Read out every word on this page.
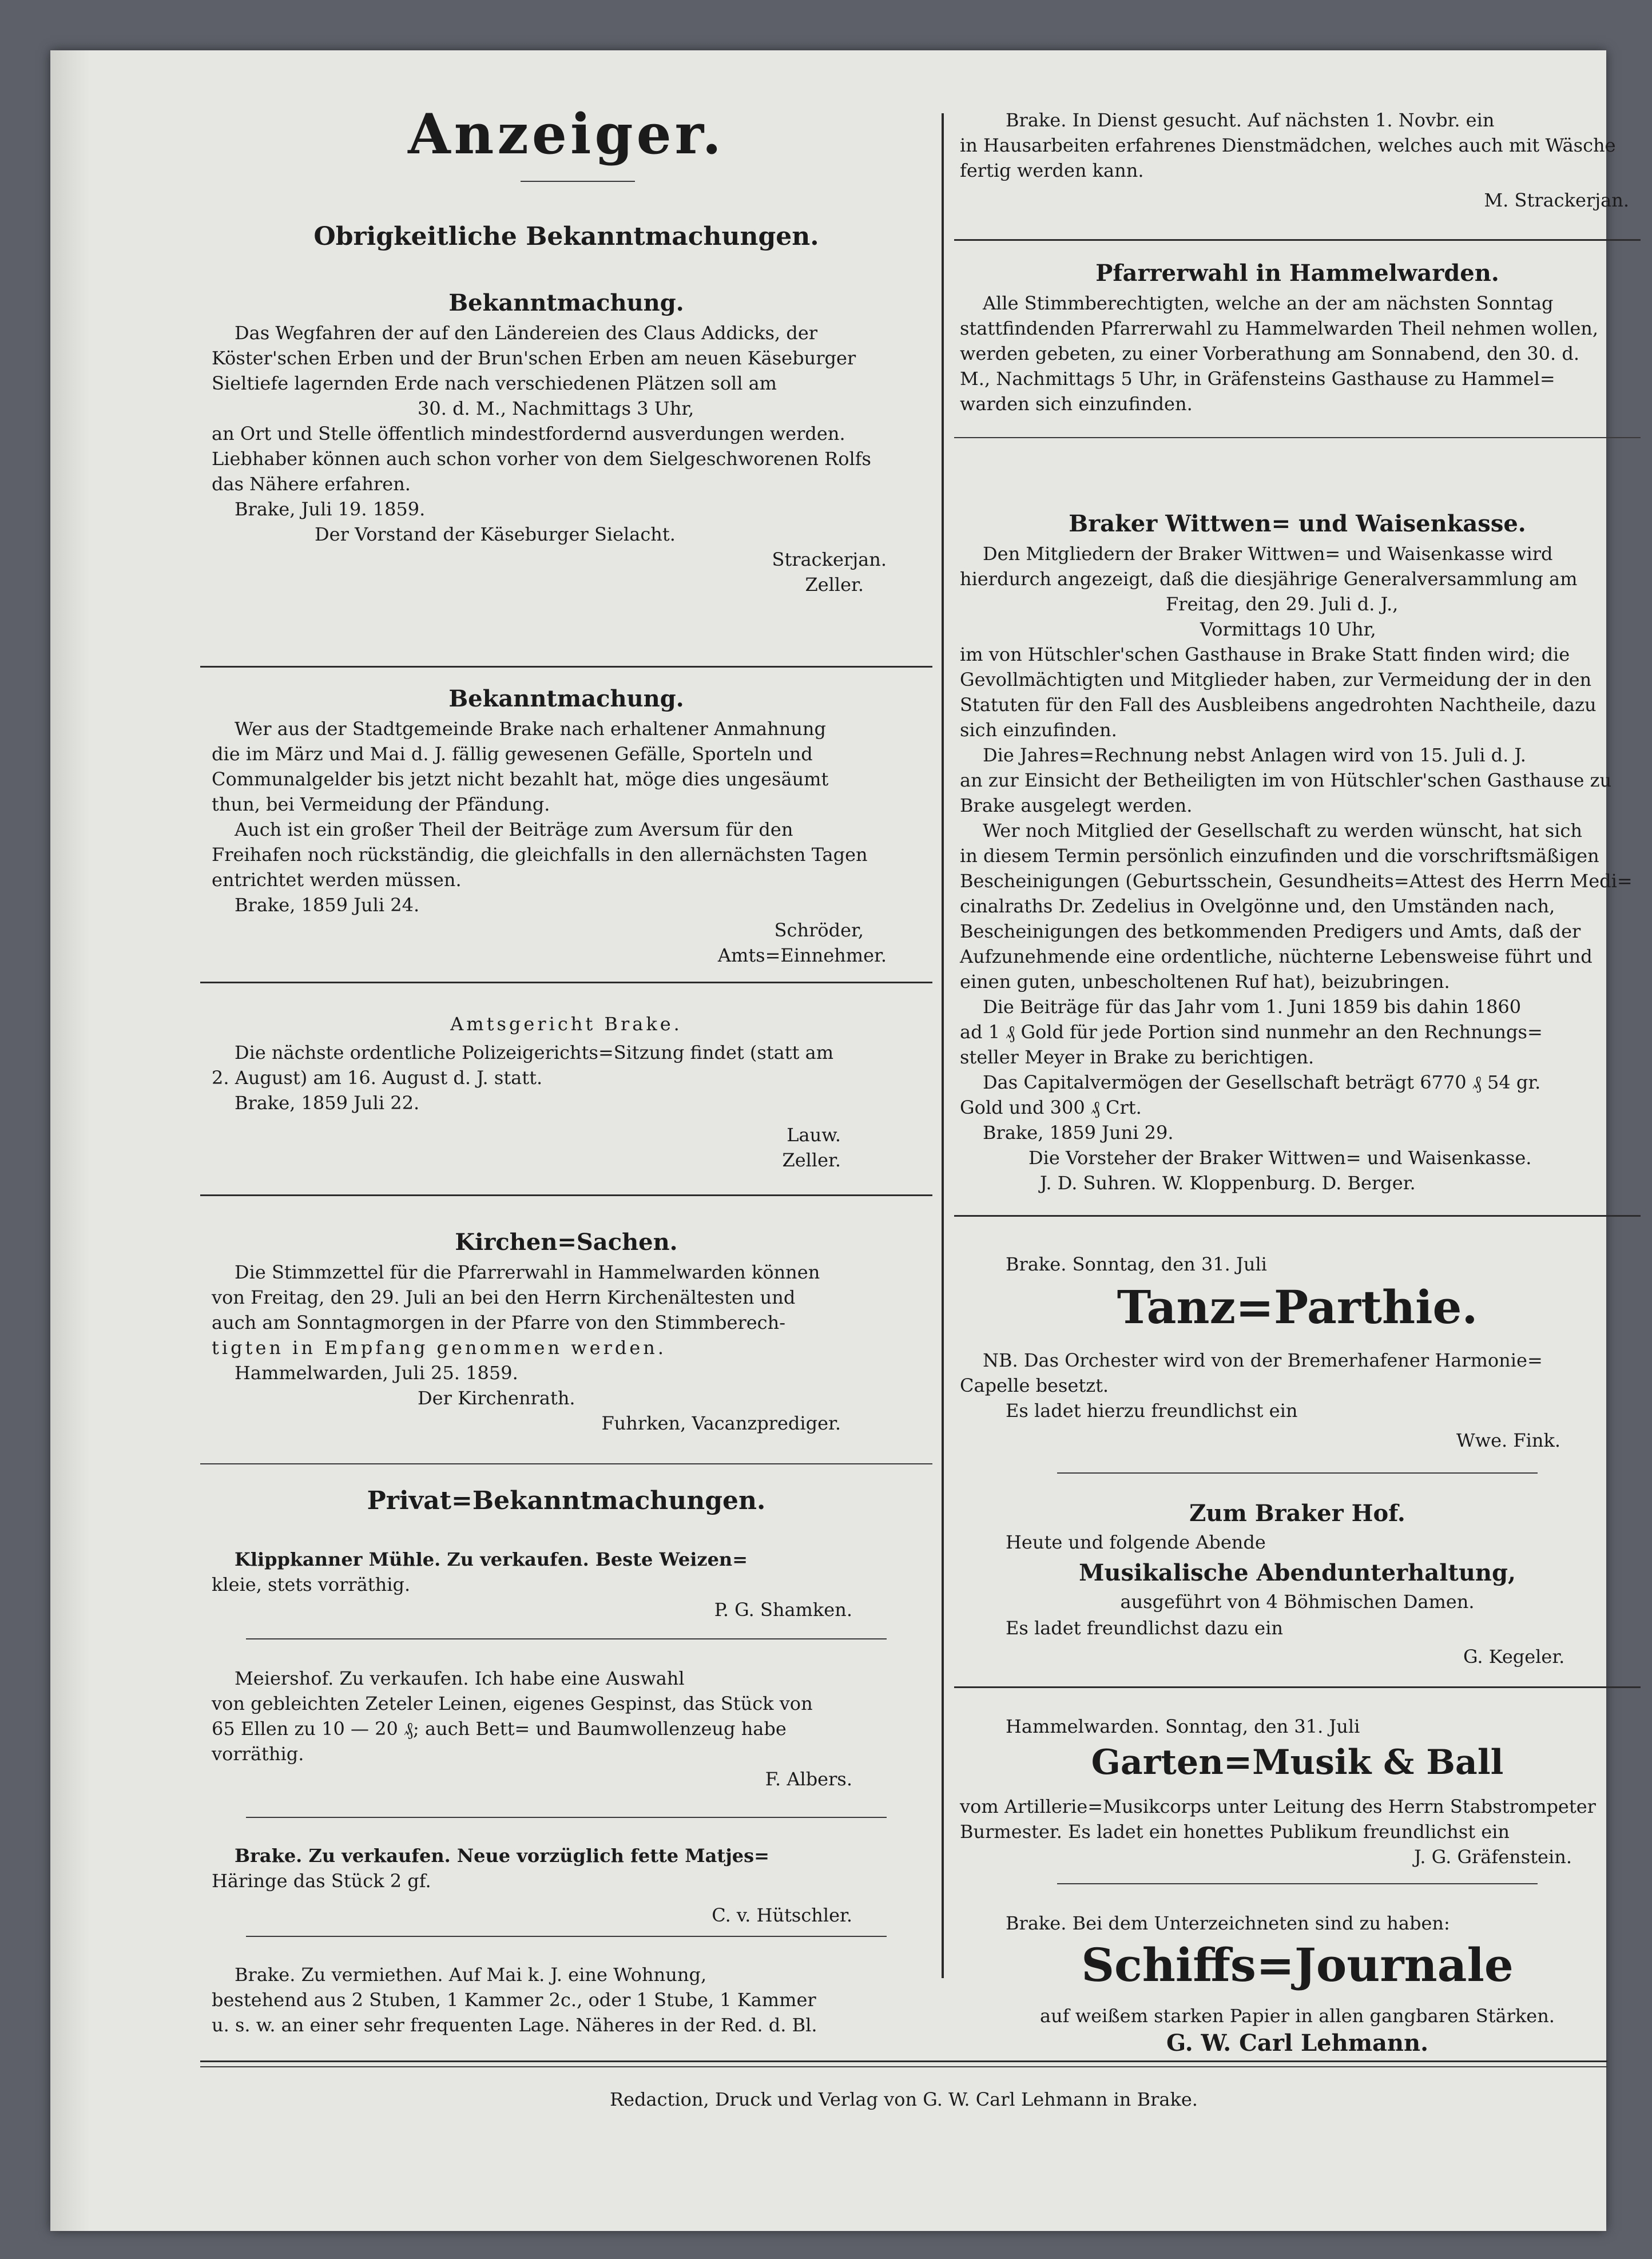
Anzeiger.
Obrigkeitliche Bekanntmachungen.
Bekanntmachung.

Das Wegfahren der auf den Ländereien des Claus Addicks, der

Köster'schen Erben und der Brun'schen Erben am neuen Käseburger

Sieltiefe lagernden Erde nach verschiedenen Plätzen soll am

30. d. M., Nachmittags 3 Uhr,

an Ort und Stelle öffentlich mindestfordernd ausverdungen werden.

Liebhaber können auch schon vorher von dem Sielgeschworenen Rolfs

das Nähere erfahren.

Brake, Juli 19. 1859.

Der Vorstand der Käseburger Sielacht.

Strackerjan.

Zeller.

Bekanntmachung.

Wer aus der Stadtgemeinde Brake nach erhaltener Anmahnung

die im März und Mai d. J. fällig gewesenen Gefälle, Sporteln und

Communalgelder bis jetzt nicht bezahlt hat, möge dies ungesäumt

thun, bei Vermeidung der Pfändung.

Auch ist ein großer Theil der Beiträge zum Aversum für den

Freihafen noch rückständig, die gleichfalls in den allernächsten Tagen

entrichtet werden müssen.

Brake, 1859 Juli 24.

Schröder,

Amts=Einnehmer.

Amtsgericht Brake.

Die nächste ordentliche Polizeigerichts=Sitzung findet (statt am

2. August) am 16. August d. J. statt.

Brake, 1859 Juli 22.

Lauw.

Zeller.

Kirchen=Sachen.

Die Stimmzettel für die Pfarrerwahl in Hammelwarden können

von Freitag, den 29. Juli an bei den Herrn Kirchenältesten und

auch am Sonntagmorgen in der Pfarre von den Stimmberech-

tigten in Empfang genommen werden.

Hammelwarden, Juli 25. 1859.

Der Kirchenrath.

Fuhrken, Vacanzprediger.

Privat=Bekanntmachungen.

Klippkanner Mühle. Zu verkaufen. Beste Weizen=

kleie, stets vorräthig.

P. G. Shamken.

Meiershof. Zu verkaufen. Ich habe eine Auswahl

von gebleichten Zeteler Leinen, eigenes Gespinst, das Stück von

65 Ellen zu 10 — 20 ₰; auch Bett= und Baumwollenzeug habe

vorräthig.

F. Albers.

Brake. Zu verkaufen. Neue vorzüglich fette Matjes=

Häringe das Stück 2 gf.

C. v. Hütschler.

Brake. Zu vermiethen. Auf Mai k. J. eine Wohnung,

bestehend aus 2 Stuben, 1 Kammer 2c., oder 1 Stube, 1 Kammer

u. s. w. an einer sehr frequenten Lage. Näheres in der Red. d. Bl.

Brake. In Dienst gesucht. Auf nächsten 1. Novbr. ein

in Hausarbeiten erfahrenes Dienstmädchen, welches auch mit Wäsche

fertig werden kann.

M. Strackerjan.

Pfarrerwahl in Hammelwarden.

Alle Stimmberechtigten, welche an der am nächsten Sonntag

stattfindenden Pfarrerwahl zu Hammelwarden Theil nehmen wollen,

werden gebeten, zu einer Vorberathung am Sonnabend, den 30. d.

M., Nachmittags 5 Uhr, in Gräfensteins Gasthause zu Hammel=

warden sich einzufinden.

Braker Wittwen= und Waisenkasse.

Den Mitgliedern der Braker Wittwen= und Waisenkasse wird

hierdurch angezeigt, daß die diesjährige Generalversammlung am

Freitag, den 29. Juli d. J.,

Vormittags 10 Uhr,

im von Hütschler'schen Gasthause in Brake Statt finden wird; die

Gevollmächtigten und Mitglieder haben, zur Vermeidung der in den

Statuten für den Fall des Ausbleibens angedrohten Nachtheile, dazu

sich einzufinden.

Die Jahres=Rechnung nebst Anlagen wird von 15. Juli d. J.

an zur Einsicht der Betheiligten im von Hütschler'schen Gasthause zu

Brake ausgelegt werden.

Wer noch Mitglied der Gesellschaft zu werden wünscht, hat sich

in diesem Termin persönlich einzufinden und die vorschriftsmäßigen

Bescheinigungen (Geburtsschein, Gesundheits=Attest des Herrn Medi=

cinalraths Dr. Zedelius in Ovelgönne und, den Umständen nach,

Bescheinigungen des betkommenden Predigers und Amts, daß der

Aufzunehmende eine ordentliche, nüchterne Lebensweise führt und

einen guten, unbescholtenen Ruf hat), beizubringen.

Die Beiträge für das Jahr vom 1. Juni 1859 bis dahin 1860

ad 1 ₰ Gold für jede Portion sind nunmehr an den Rechnungs=

steller Meyer in Brake zu berichtigen.

Das Capitalvermögen der Gesellschaft beträgt 6770 ₰ 54 gr.

Gold und 300 ₰ Crt.

Brake, 1859 Juni 29.

Die Vorsteher der Braker Wittwen= und Waisenkasse.

J. D. Suhren. W. Kloppenburg. D. Berger.

Brake. Sonntag, den 31. Juli
Tanz=Parthie.

NB. Das Orchester wird von der Bremerhafener Harmonie=

Capelle besetzt.

Es ladet hierzu freundlichst ein

Wwe. Fink.

Zum Braker Hof.
Heute und folgende Abende
Musikalische Abendunterhaltung,
ausgeführt von 4 Böhmischen Damen.
Es ladet freundlichst dazu ein
G. Kegeler.
Hammelwarden. Sonntag, den 31. Juli
Garten=Musik & Ball

vom Artillerie=Musikcorps unter Leitung des Herrn Stabstrompeter

Burmester. Es ladet ein honettes Publikum freundlichst ein

J. G. Gräfenstein.

Brake. Bei dem Unterzeichneten sind zu haben:
Schiffs=Journale
auf weißem starken Papier in allen gangbaren Stärken.
G. W. Carl Lehmann.
Redaction, Druck und Verlag von G. W. Carl Lehmann in Brake.
